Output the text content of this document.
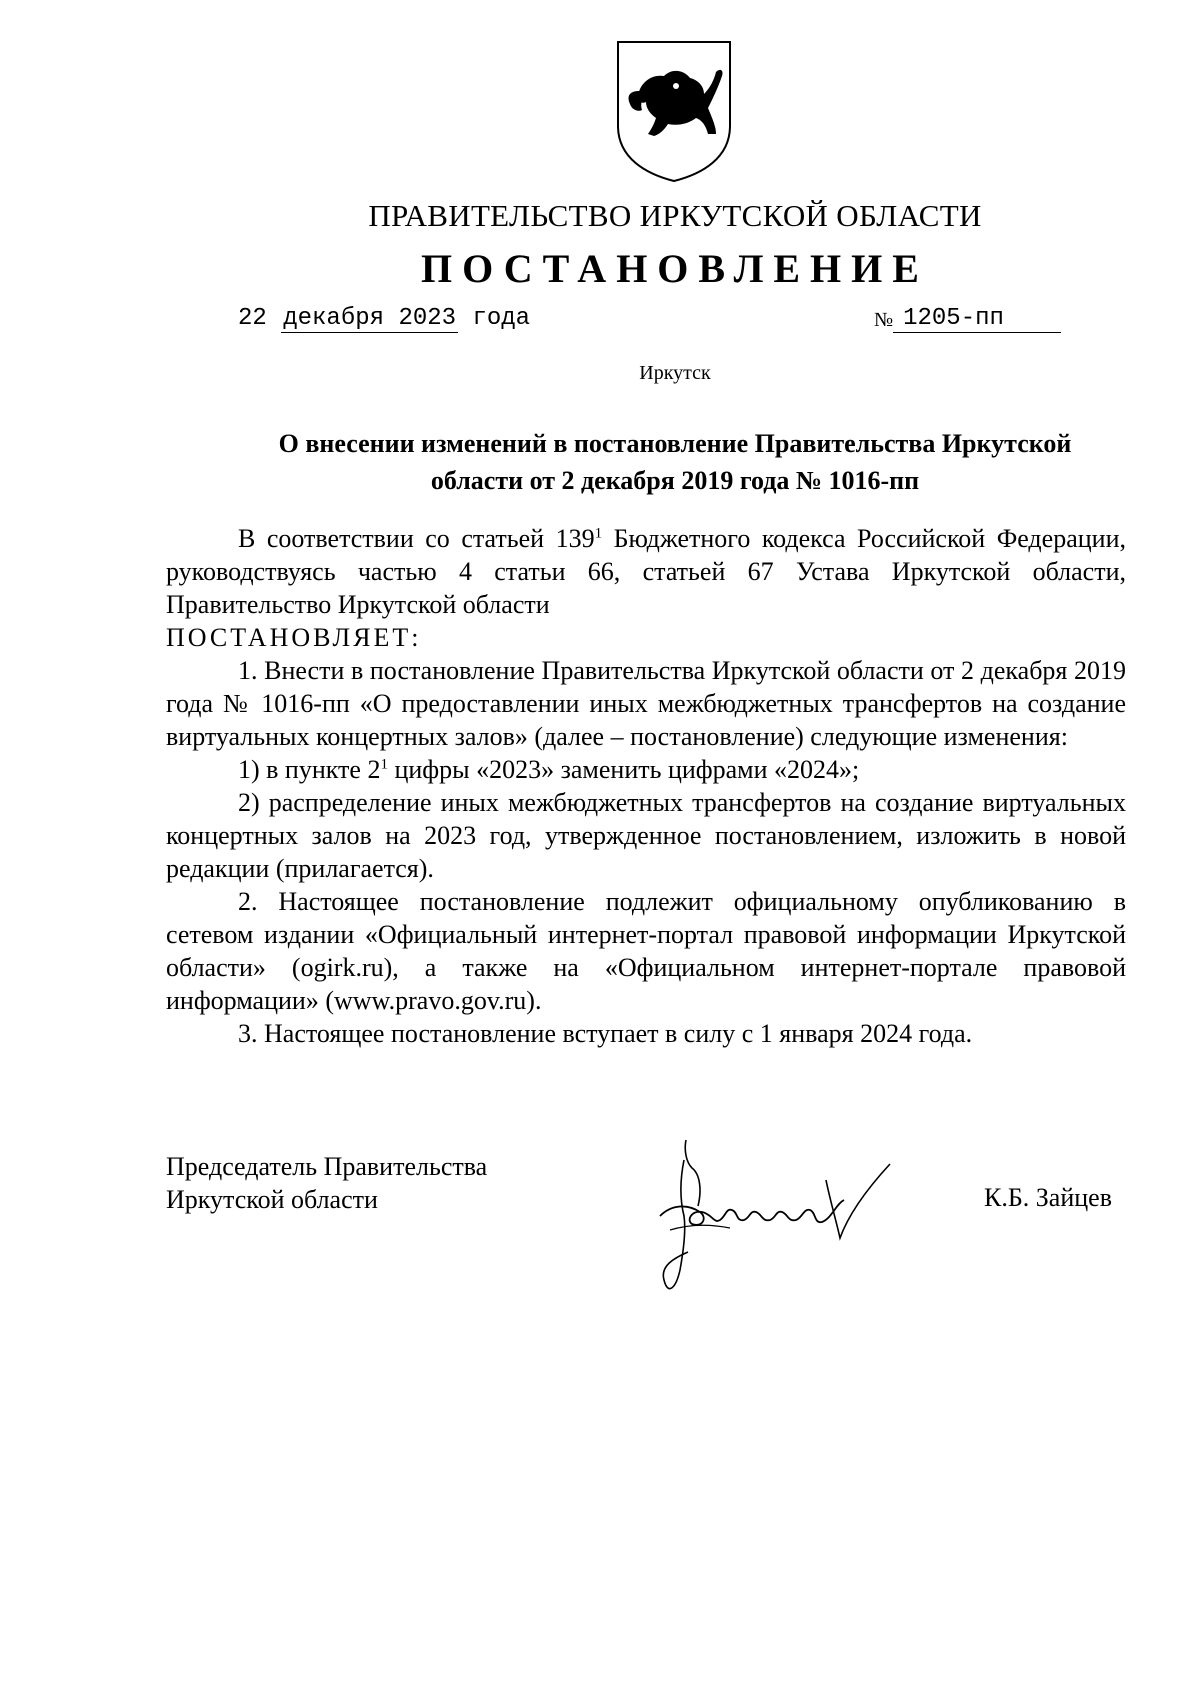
ПРАВИТЕЛЬСТВО ИРКУТСКОЙ ОБЛАСТИ
ПОСТАНОВЛЕНИЕ
22 декабря 2023 года	№ 1205-пп
Иркутск
О внесении изменений в постановление Правительства Иркутской
области от 2 декабря 2019 года № 1016-пп

В соответствии со статьей $139^1$ Бюджетного кодекса Российской Федерации, руководствуясь частью 4 статьи 66, статьей 67 Устава Иркутской области, Правительство Иркутской области

ПОСТАНОВЛЯЕТ:

1. Внести в постановление Правительства Иркутской области от 2 декабря 2019 года № 1016-пп «О предоставлении иных межбюджетных трансфертов на создание виртуальных концертных залов» (далее – постановление) следующие изменения:

1) в пункте $2^1$ цифры «2023» заменить цифрами «2024»;

2) распределение иных межбюджетных трансфертов на создание виртуальных концертных залов на 2023 год, утвержденное постановлением, изложить в новой редакции (прилагается).

2. Настоящее постановление подлежит официальному опубликованию в сетевом издании «Официальный интернет-портал правовой информации Иркутской области» (ogirk.ru), а также на «Официальном интернет-портале правовой информации» (www.pravo.gov.ru).

3. Настоящее постановление вступает в силу с 1 января 2024 года.

Председатель Правительства
Иркутской области	К.Б. Зайцев
